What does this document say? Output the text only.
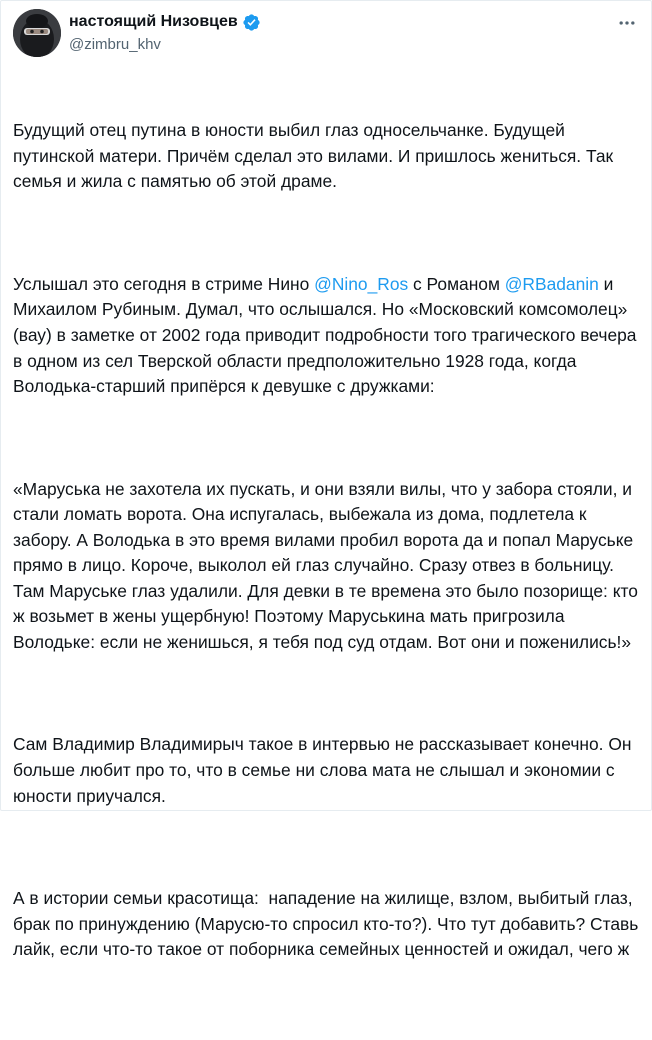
настоящий Низовцев
@zimbru_khv

Будущий отец путина в юности выбил глаз односельчанке. Будущей путинской матери. Причём сделал это вилами. И пришлось жениться. Так семья и жила с памятью об этой драме.

Услышал это сегодня в стриме Нино @Nino_Ros с Романом @RBadanin и Михаилом Рубиным. Думал, что ослышался. Но «Московский комсомолец» (вау) в заметке от 2002 года приводит подробности того трагического вечера в одном из сел Тверской области предположительно 1928 года, когда Володька-старший припёрся к девушке с дружками:

«Маруська не захотела их пускать, и они взяли вилы, что у забора стояли, и стали ломать ворота. Она испугалась, выбежала из дома, подлетела к забору. А Володька в это время вилами пробил ворота да и попал Маруське прямо в лицо. Короче, выколол ей глаз случайно. Сразу отвез в больницу. Там Маруське глаз удалили. Для девки в те времена это было позорище: кто ж возьмет в жены ущербную! Поэтому Маруськина мать пригрозила Володьке: если не женишься, я тебя под суд отдам. Вот они и поженились!»

Сам Владимир Владимирыч такое в интервью не рассказывает конечно. Он больше любит про то, что в семье ни слова мата не слышал и экономии с юности приучался.

А в истории семьи красотища:  нападение на жилище, взлом, выбитый глаз, брак по принуждению (Марусю-то спросил кто-то?). Что тут добавить? Ставь лайк, если что-то такое от поборника семейных ценностей и ожидал, чего ж
